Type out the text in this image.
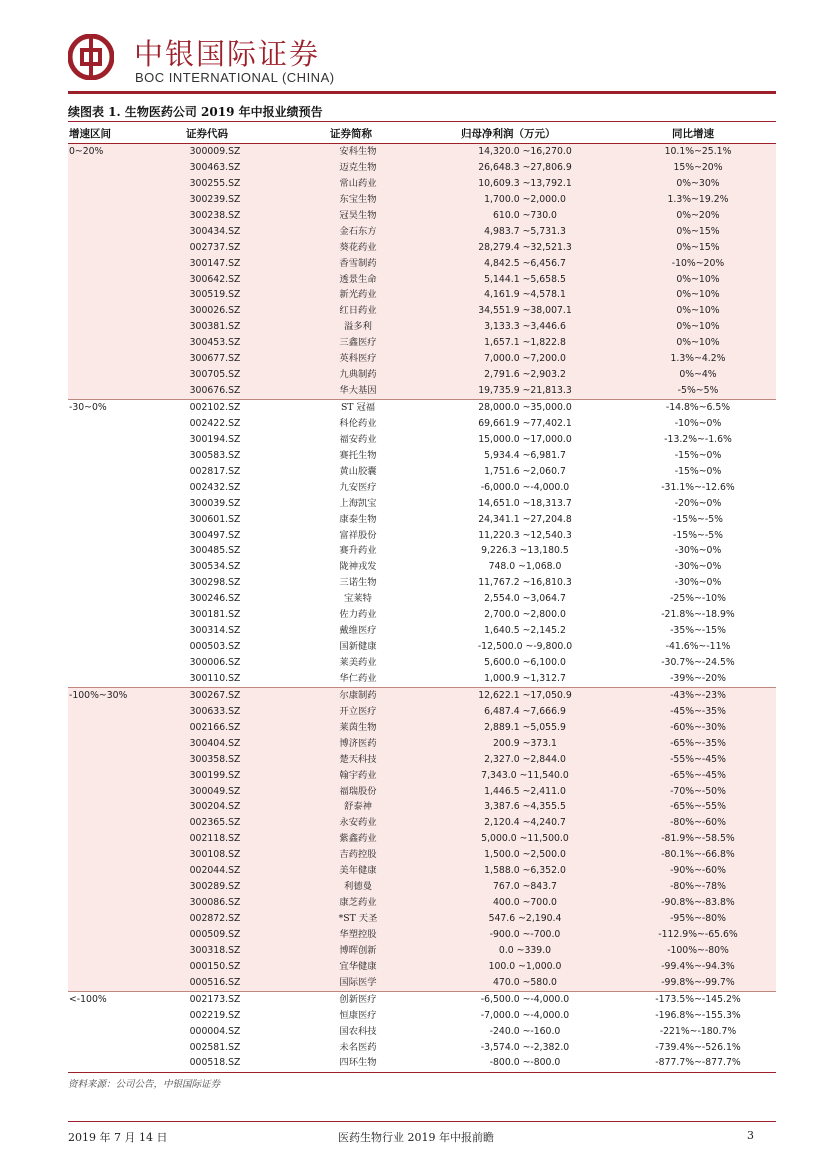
中银国际证券
BOC INTERNATIONAL (CHINA)
续图表 1. 生物医药公司 2019 年中报业绩预告
增速区间	证券代码	证券简称	归母净利润（万元）	同比增速
0~20%	300009.SZ	安科生物	14,320.0 ~16,270.0	10.1%~25.1%
300463.SZ	迈克生物	26,648.3 ~27,806.9	15%~20%
300255.SZ	常山药业	10,609.3 ~13,792.1	0%~30%
300239.SZ	东宝生物	1,700.0 ~2,000.0	1.3%~19.2%
300238.SZ	冠昊生物	610.0 ~730.0	0%~20%
300434.SZ	金石东方	4,983.7 ~5,731.3	0%~15%
002737.SZ	葵花药业	28,279.4 ~32,521.3	0%~15%
300147.SZ	香雪制药	4,842.5 ~6,456.7	-10%~20%
300642.SZ	透景生命	5,144.1 ~5,658.5	0%~10%
300519.SZ	新光药业	4,161.9 ~4,578.1	0%~10%
300026.SZ	红日药业	34,551.9 ~38,007.1	0%~10%
300381.SZ	溢多利	3,133.3 ~3,446.6	0%~10%
300453.SZ	三鑫医疗	1,657.1 ~1,822.8	0%~10%
300677.SZ	英科医疗	7,000.0 ~7,200.0	1.3%~4.2%
300705.SZ	九典制药	2,791.6 ~2,903.2	0%~4%
300676.SZ	华大基因	19,735.9 ~21,813.3	-5%~5%
-30~0%	002102.SZ	ST 冠福	28,000.0 ~35,000.0	-14.8%~6.5%
002422.SZ	科伦药业	69,661.9 ~77,402.1	-10%~0%
300194.SZ	福安药业	15,000.0 ~17,000.0	-13.2%~-1.6%
300583.SZ	赛托生物	5,934.4 ~6,981.7	-15%~0%
002817.SZ	黄山胶囊	1,751.6 ~2,060.7	-15%~0%
002432.SZ	九安医疗	-6,000.0 ~-4,000.0	-31.1%~-12.6%
300039.SZ	上海凯宝	14,651.0 ~18,313.7	-20%~0%
300601.SZ	康泰生物	24,341.1 ~27,204.8	-15%~-5%
300497.SZ	富祥股份	11,220.3 ~12,540.3	-15%~-5%
300485.SZ	赛升药业	9,226.3 ~13,180.5	-30%~0%
300534.SZ	陇神戎发	748.0 ~1,068.0	-30%~0%
300298.SZ	三诺生物	11,767.2 ~16,810.3	-30%~0%
300246.SZ	宝莱特	2,554.0 ~3,064.7	-25%~-10%
300181.SZ	佐力药业	2,700.0 ~2,800.0	-21.8%~-18.9%
300314.SZ	戴维医疗	1,640.5 ~2,145.2	-35%~-15%
000503.SZ	国新健康	-12,500.0 ~-9,800.0	-41.6%~-11%
300006.SZ	莱美药业	5,600.0 ~6,100.0	-30.7%~-24.5%
300110.SZ	华仁药业	1,000.9 ~1,312.7	-39%~-20%
-100%~30%	300267.SZ	尔康制药	12,622.1 ~17,050.9	-43%~-23%
300633.SZ	开立医疗	6,487.4 ~7,666.9	-45%~-35%
002166.SZ	莱茵生物	2,889.1 ~5,055.9	-60%~-30%
300404.SZ	博济医药	200.9 ~373.1	-65%~-35%
300358.SZ	楚天科技	2,327.0 ~2,844.0	-55%~-45%
300199.SZ	翰宇药业	7,343.0 ~11,540.0	-65%~-45%
300049.SZ	福瑞股份	1,446.5 ~2,411.0	-70%~-50%
300204.SZ	舒泰神	3,387.6 ~4,355.5	-65%~-55%
002365.SZ	永安药业	2,120.4 ~4,240.7	-80%~-60%
002118.SZ	紫鑫药业	5,000.0 ~11,500.0	-81.9%~-58.5%
300108.SZ	吉药控股	1,500.0 ~2,500.0	-80.1%~-66.8%
002044.SZ	美年健康	1,588.0 ~6,352.0	-90%~-60%
300289.SZ	利德曼	767.0 ~843.7	-80%~-78%
300086.SZ	康芝药业	400.0 ~700.0	-90.8%~-83.8%
002872.SZ	*ST 天圣	547.6 ~2,190.4	-95%~-80%
000509.SZ	华塑控股	-900.0 ~-700.0	-112.9%~-65.6%
300318.SZ	博晖创新	0.0 ~339.0	-100%~-80%
000150.SZ	宜华健康	100.0 ~1,000.0	-99.4%~-94.3%
000516.SZ	国际医学	470.0 ~580.0	-99.8%~-99.7%
<-100%	002173.SZ	创新医疗	-6,500.0 ~-4,000.0	-173.5%~-145.2%
002219.SZ	恒康医疗	-7,000.0 ~-4,000.0	-196.8%~-155.3%
000004.SZ	国农科技	-240.0 ~-160.0	-221%~-180.7%
002581.SZ	未名医药	-3,574.0 ~-2,382.0	-739.4%~-526.1%
000518.SZ	四环生物	-800.0 ~-800.0	-877.7%~-877.7%
资料来源：公司公告，中银国际证券
2019 年 7 月 14 日	医药生物行业 2019 年中报前瞻	3
